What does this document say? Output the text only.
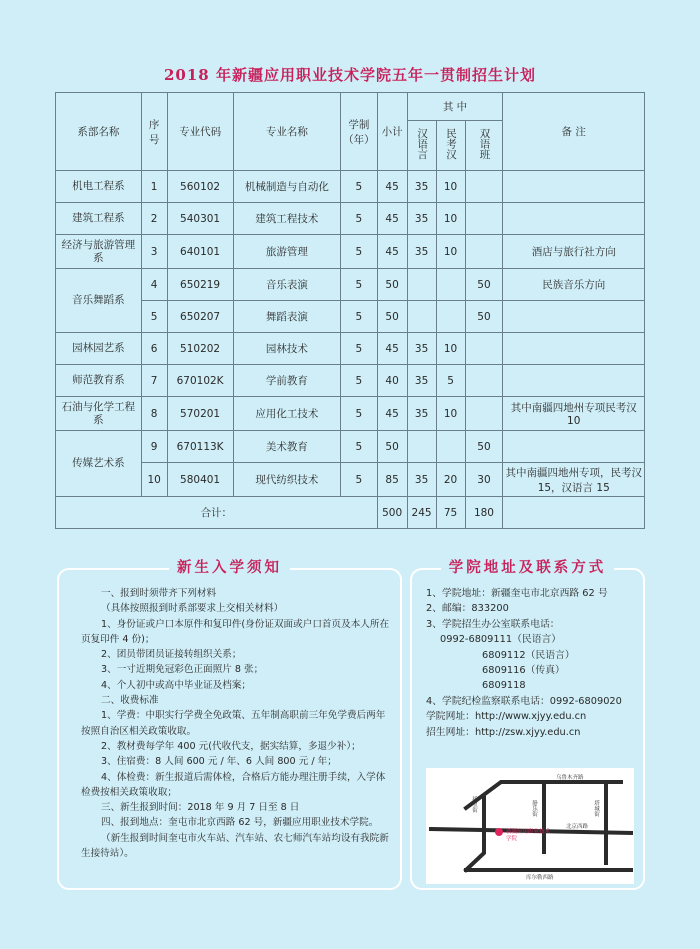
2018 年新疆应用职业技术学院五年一贯制招生计划
系部名称	序号	专业代码	专业名称	学制（年）	小计	其 中			备 注
						汉语言	民考汉	双语班	
机电工程系	1	560102	机械制造与自动化	5	45	35	10		
建筑工程系	2	540301	建筑工程技术	5	45	35	10		
经济与旅游管理系	3	640101	旅游管理	5	45	35	10		酒店与旅行社方向
音乐舞蹈系	4	650219	音乐表演	5	50			50	民族音乐方向
	5	650207	舞蹈表演	5	50			50	
园林园艺系	6	510202	园林技术	5	45	35	10		
师范教育系	7	670102K	学前教育	5	40	35	5		
石油与化学工程系	8	570201	应用化工技术	5	45	35	10		其中南疆四地州专项民考汉 10
传媒艺术系	9	670113K	美术教育	5	50			50	
	10	580401	现代纺织技术	5	85	35	20	30	其中南疆四地州专项，民考汉 15，汉语言 15
合计：					500	245	75	180	
新生入学须知

一、报到时须带齐下列材料

（具体按照报到时系部要求上交相关材料）

1、身份证或户口本原件和复印件(身份证双面或户口首页及本人所在页复印件 4 份)；

2、团员带团员证接转组织关系；

3、一寸近期免冠彩色正面照片 8 张；

4、个人初中或高中毕业证及档案；

二、收费标准

1、学费：中职实行学费全免政策、五年制高职前三年免学费后两年按照自治区相关政策收取。

2、教材费每学年 400 元(代收代支，据实结算，多退少补）；

3、住宿费：8 人间 600 元 / 年、6 人间 800 元 / 年；

4、体检费：新生报道后需体检，合格后方能办理注册手续，入学体检费按相关政策收取；

三、新生报到时间：2018 年 9 月 7 日至 8 日

四、报到地点：奎屯市北京西路 62 号，新疆应用职业技术学院。

（新生报到时间奎屯市火车站、汽车站、农七师汽车站均设有我院新生接待站）。

学院地址及联系方式

1、学院地址：新疆奎屯市北京西路 62 号

2、邮编：833200

3、学院招生办公室联系电话：

0992-6809111（民语言）

6809112（民语言）

6809116（传真）

6809118

4、学院纪检监察联系电话：0992-6809020

学院网址：http://www.xjyy.edu.cn

招生网址：http://zsw.xjyy.edu.cn

乌鲁木齐路
托里街	静乐街	塔城街
北京西路
库尔勒西路
新疆应用职业技术学院
